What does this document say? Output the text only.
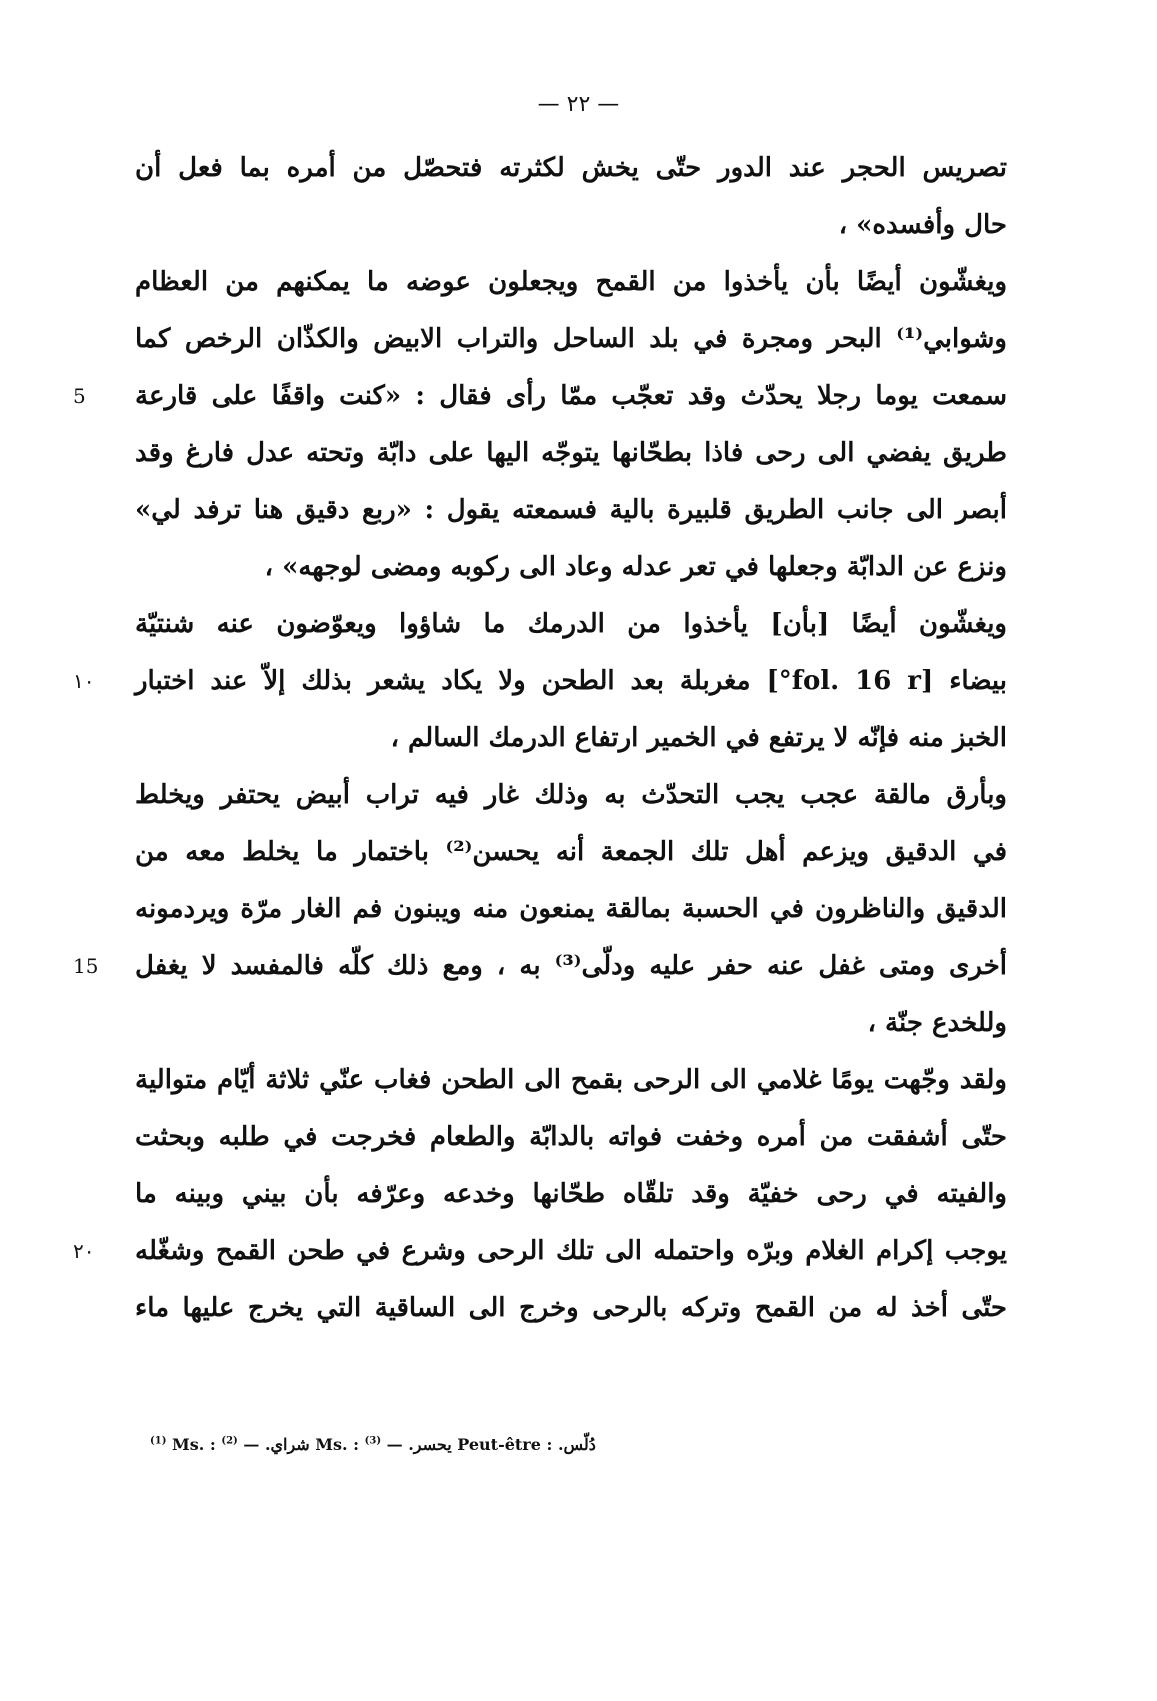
— ٢٢ —
تصريس الحجر عند الدور حتّى يخش لكثرته فتحصّل من أمره بما فعل أن
حال وأفسده» ،
ويغشّون أيضًا بأن يأخذوا من القمح ويجعلون عوضه ما يمكنهم من العظام
وشوابي⁽¹⁾ البحر ومجرة في بلد الساحل والتراب الابيض والكذّان الرخص كما
5	سمعت يوما رجلا يحدّث وقد تعجّب ممّا رأى فقال : «كنت واقفًا على قارعة
طريق يفضي الى رحى فاذا بطحّانها يتوجّه اليها على دابّة وتحته عدل فارغ وقد
أبصر الى جانب الطريق قلبيرة بالية فسمعته يقول : «ربع دقيق هنا ترفد لي»
ونزع عن الدابّة وجعلها في تعر عدله وعاد الى ركوبه ومضى لوجهه» ،
ويغشّون أيضًا [بأن] يأخذوا من الدرمك ما شاؤوا ويعوّضون عنه شنتيّة
١٠	بيضاء [fol. 16 r°] مغربلة بعد الطحن ولا يكاد يشعر بذلك إلاّ عند اختبار
الخبز منه فإنّه لا يرتفع في الخمير ارتفاع الدرمك السالم ،
وبأرق مالقة عجب يجب التحدّث به وذلك غار فيه تراب أبيض يحتفر ويخلط
في الدقيق ويزعم أهل تلك الجمعة أنه يحسن⁽²⁾ باختمار ما يخلط معه من
الدقيق والناظرون في الحسبة بمالقة يمنعون منه ويبنون فم الغار مرّة ويردمونه
15	أخرى ومتى غفل عنه حفر عليه ودلّى⁽³⁾ به ، ومع ذلك كلّه فالمفسد لا يغفل
وللخدع جنّة ،
ولقد وجّهت يومًا غلامي الى الرحى بقمح الى الطحن فغاب عنّي ثلاثة أيّام متوالية
حتّى أشفقت من أمره وخفت فواته بالدابّة والطعام فخرجت في طلبه وبحثت
والفيته في رحى خفيّة وقد تلقّاه طحّانها وخدعه وعرّفه بأن بيني وبينه ما
٢٠	يوجب إكرام الغلام وبرّه واحتمله الى تلك الرحى وشرع في طحن القمح وشغّله
حتّى أخذ له من القمح وتركه بالرحى وخرج الى الساقية التي يخرج عليها ماء
$^{(1)}$ Ms. :	شراي. — $^{(2)}$	Ms. :	يحسر. — $^{(3)}$	Peut-être : دُلّس.
